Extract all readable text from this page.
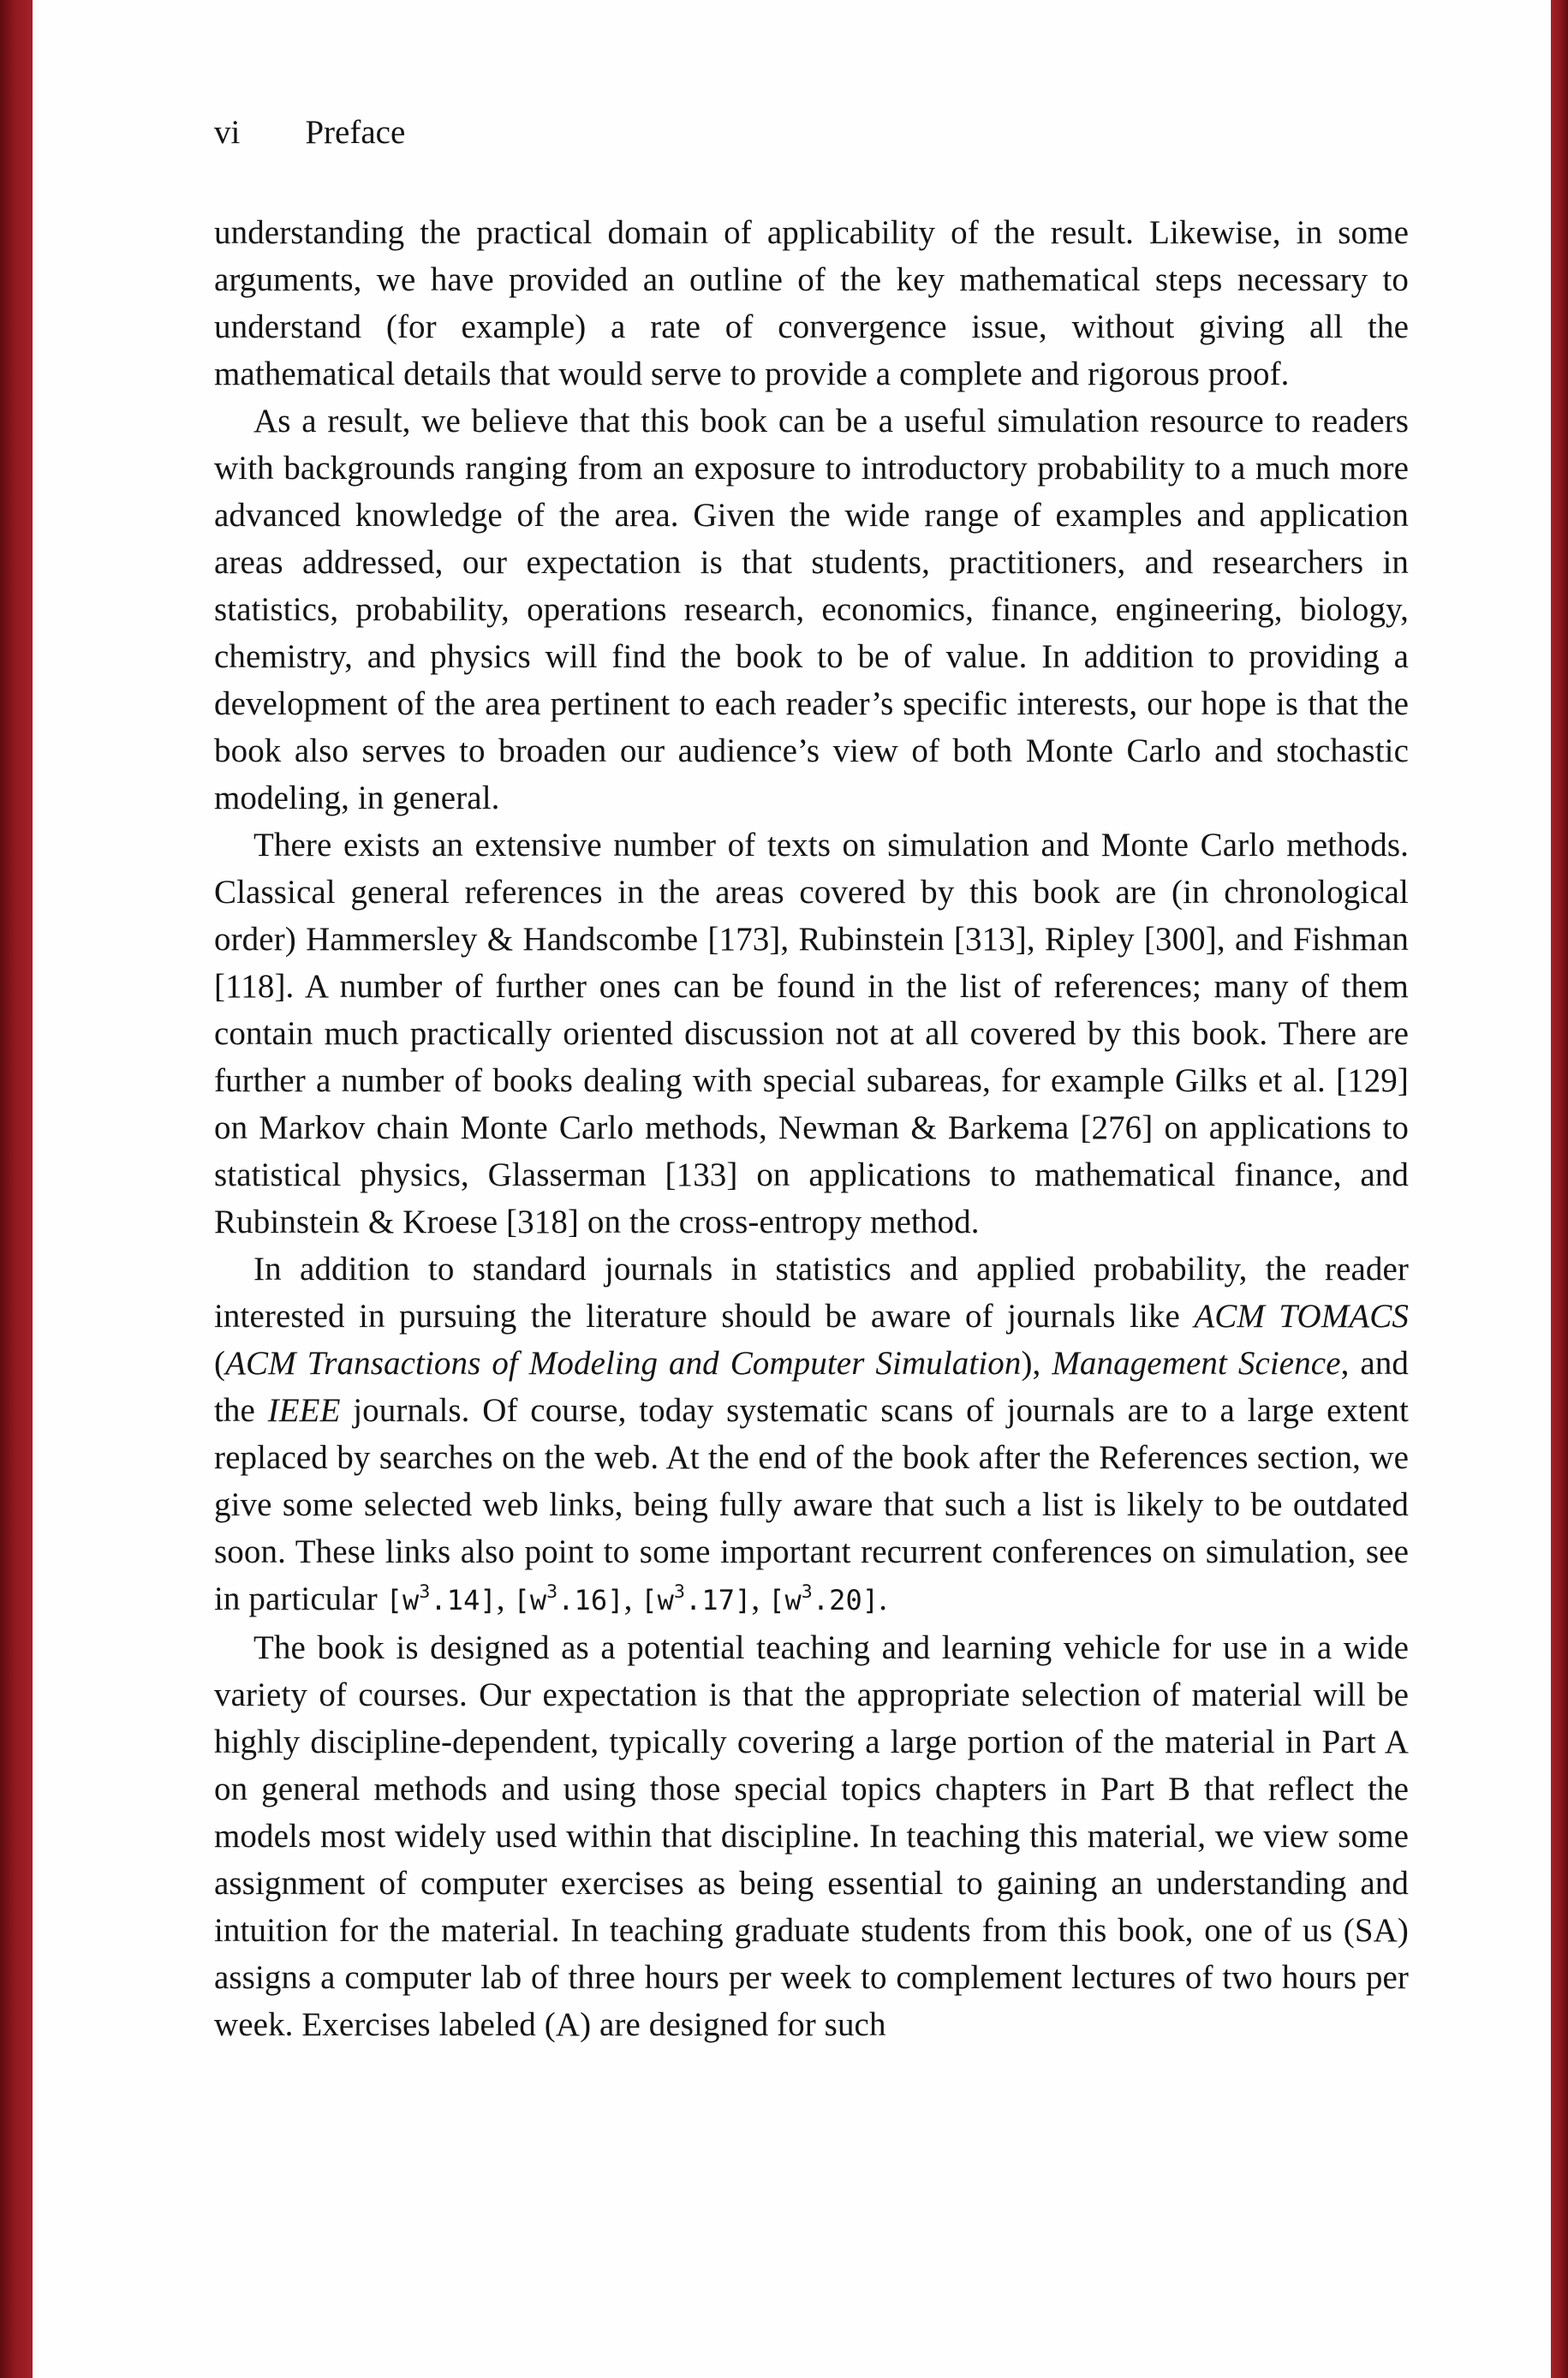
vi Preface

understanding the practical domain of applicability of the result. Likewise, in some arguments, we have provided an outline of the key mathematical steps necessary to understand (for example) a rate of convergence issue, without giving all the mathematical details that would serve to provide a complete and rigorous proof.

As a result, we believe that this book can be a useful simulation resource to readers with backgrounds ranging from an exposure to introductory probability to a much more advanced knowledge of the area. Given the wide range of examples and application areas addressed, our expectation is that students, practitioners, and researchers in statistics, probability, operations research, economics, finance, engineering, biology, chemistry, and physics will find the book to be of value. In addition to providing a development of the area pertinent to each reader’s specific interests, our hope is that the book also serves to broaden our audience’s view of both Monte Carlo and stochastic modeling, in general.

There exists an extensive number of texts on simulation and Monte Carlo methods. Classical general references in the areas covered by this book are (in chronological order) Hammersley & Handscombe [173], Rubinstein [313], Ripley [300], and Fishman [118]. A number of further ones can be found in the list of references; many of them contain much practically oriented discussion not at all covered by this book. There are further a number of books dealing with special subareas, for example Gilks et al. [129] on Markov chain Monte Carlo methods, Newman & Barkema [276] on applications to statistical physics, Glasserman [133] on applications to mathematical finance, and Rubinstein & Kroese [318] on the cross-entropy method.

In addition to standard journals in statistics and applied probability, the reader interested in pursuing the literature should be aware of journals like ACM TOMACS (ACM Transactions of Modeling and Computer Simulation), Management Science, and the IEEE journals. Of course, today systematic scans of journals are to a large extent replaced by searches on the web. At the end of the book after the References section, we give some selected web links, being fully aware that such a list is likely to be outdated soon. These links also point to some important recurrent conferences on simulation, see in particular $[w^3.14]$, $[w^3.16]$, $[w^3.17]$, $[w^3.20]$.

The book is designed as a potential teaching and learning vehicle for use in a wide variety of courses. Our expectation is that the appropriate selection of material will be highly discipline-dependent, typically covering a large portion of the material in Part A on general methods and using those special topics chapters in Part B that reflect the models most widely used within that discipline. In teaching this material, we view some assignment of computer exercises as being essential to gaining an understanding and intuition for the material. In teaching graduate students from this book, one of us (SA) assigns a computer lab of three hours per week to complement lectures of two hours per week. Exercises labeled (A) are designed for such
